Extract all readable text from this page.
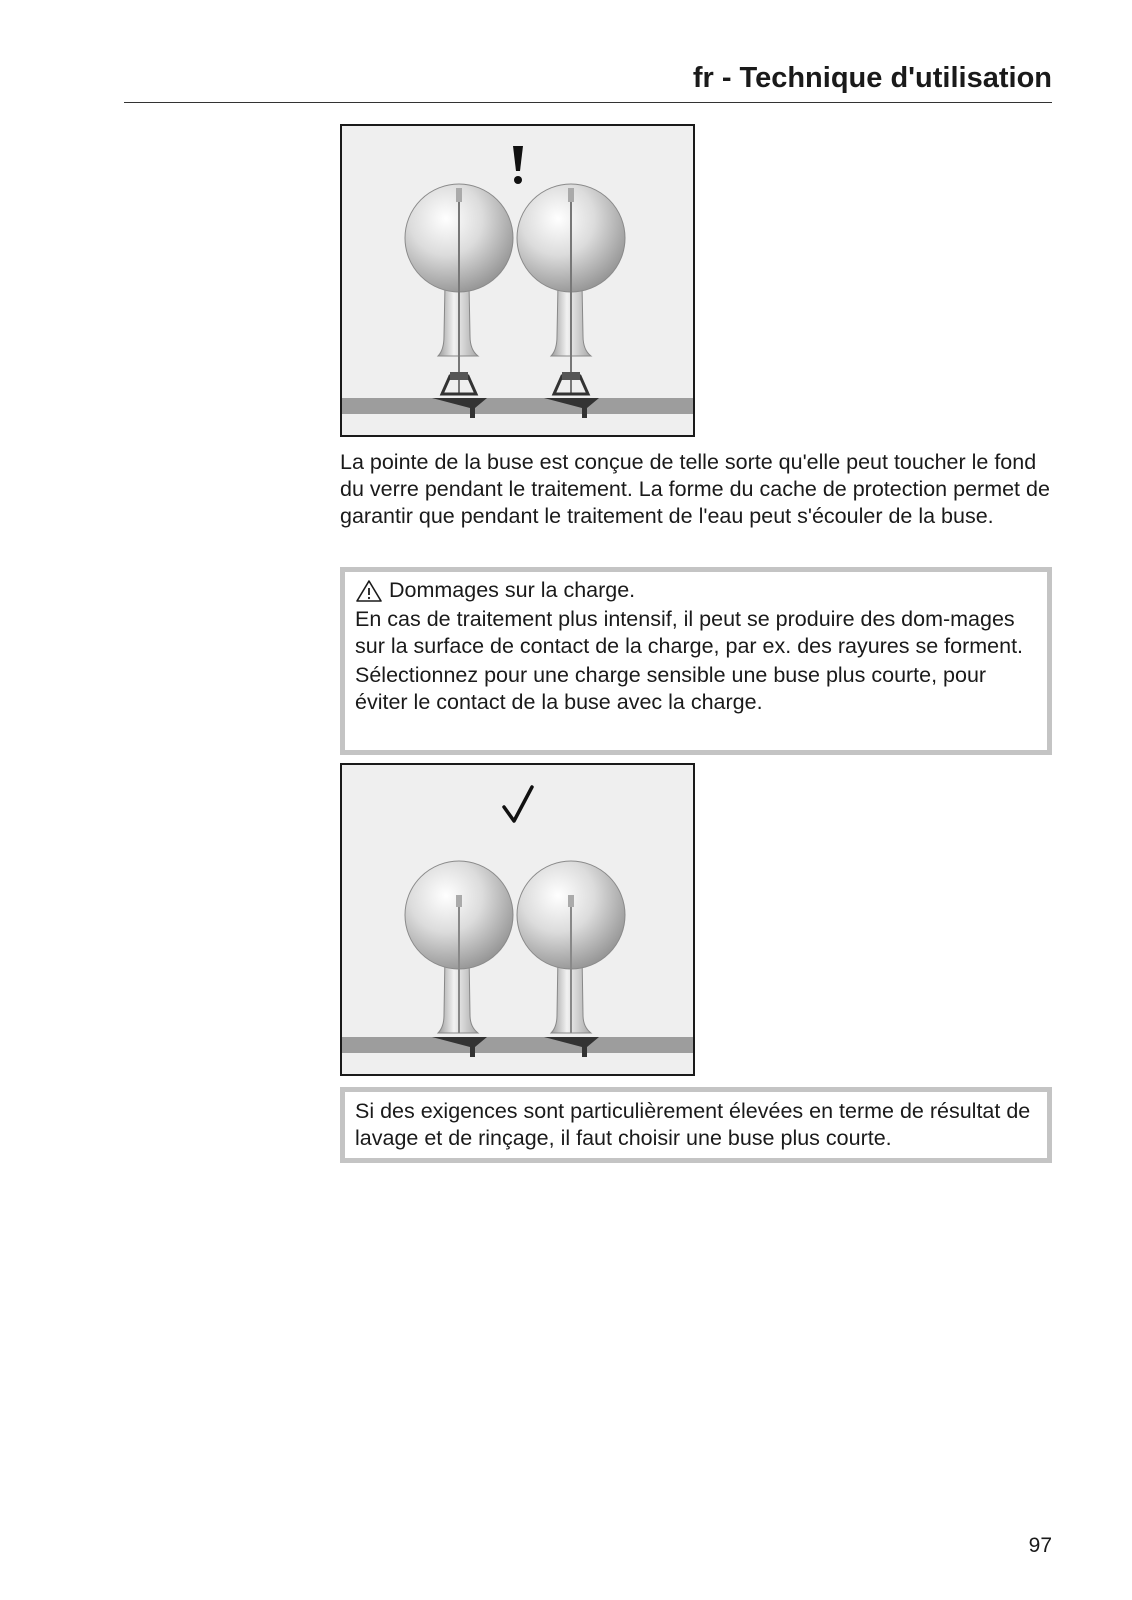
fr - Technique d'utilisation

La pointe de la buse est conçue de telle sorte qu'elle peut toucher le fond du verre pendant le traitement. La forme du cache de protection permet de garantir que pendant le traitement de l'eau peut s'écouler de la buse.

Dommages sur la charge.

En cas de traitement plus intensif, il peut se produire des dom-mages sur la surface de contact de la charge, par ex. des rayures se forment.

Sélectionnez pour une charge sensible une buse plus courte, pour éviter le contact de la buse avec la charge.

Si des exigences sont particulièrement élevées en terme de résultat de lavage et de rinçage, il faut choisir une buse plus courte.

97
